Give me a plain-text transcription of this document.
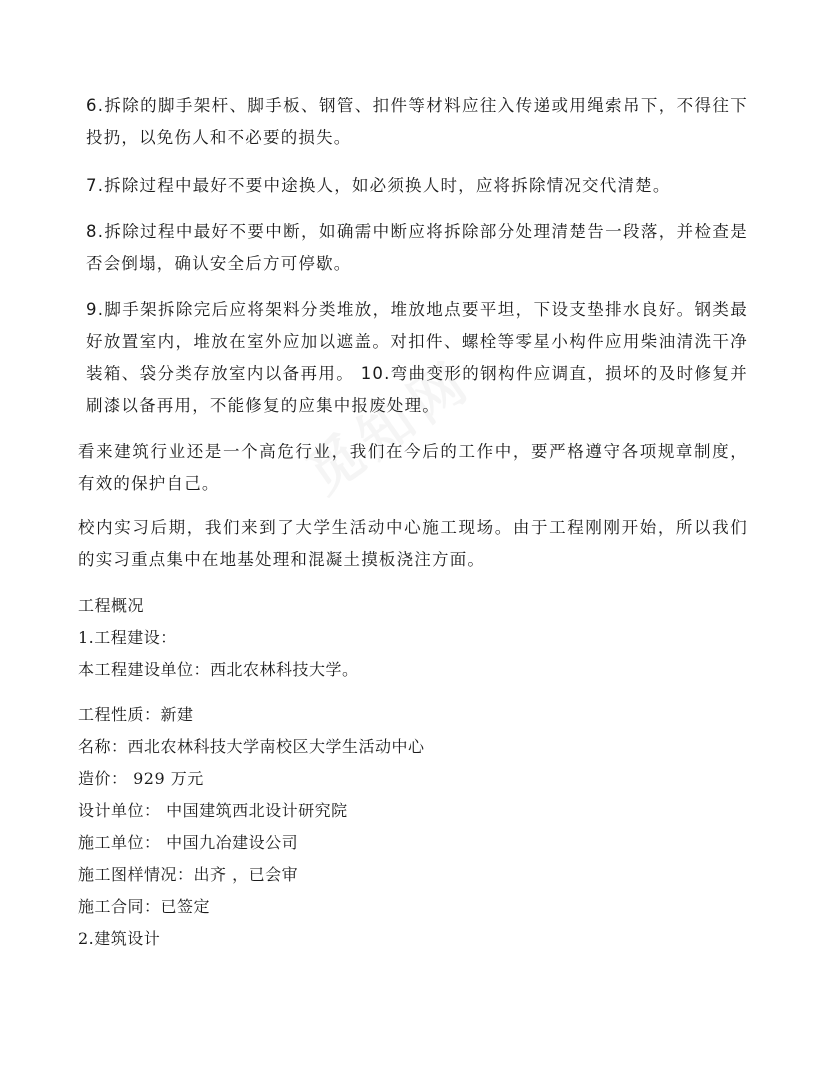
6.拆除的脚手架杆、脚手板、钢管、扣件等材料应往入传递或用绳索吊下，不得往下投扔，以免伤人和不必要的损失。

7.拆除过程中最好不要中途换人，如必须换人时，应将拆除情况交代清楚。

8.拆除过程中最好不要中断，如确需中断应将拆除部分处理清楚告一段落，并检查是否会倒塌，确认安全后方可停歇。

9.脚手架拆除完后应将架料分类堆放，堆放地点要平坦，下设支垫排水良好。钢类最好放置室内，堆放在室外应加以遮盖。对扣件、螺栓等零星小构件应用柴油清洗干净装箱、袋分类存放室内以备再用。 10.弯曲变形的钢构件应调直，损坏的及时修复并刷漆以备再用，不能修复的应集中报废处理。

看来建筑行业还是一个高危行业，我们在今后的工作中，要严格遵守各项规章制度，有效的保护自己。

校内实习后期，我们来到了大学生活动中心施工现场。由于工程刚刚开始，所以我们的实习重点集中在地基处理和混凝土摸板浇注方面。

工程概况

1.工程建设：

本工程建设单位：西北农林科技大学。

工程性质：新建

名称：西北农林科技大学南校区大学生活动中心

造价： 929 万元

设计单位： 中国建筑西北设计研究院

施工单位： 中国九冶建设公司

施工图样情况：出齐 ，已会审

施工合同：已签定

2.建筑设计
